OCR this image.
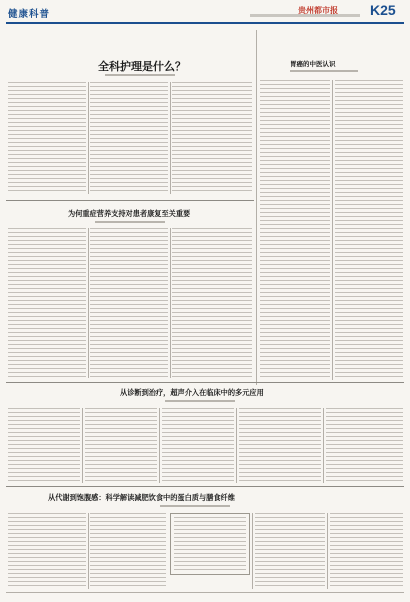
健康科普	贵州都市报 K25
全科护理是什么？	胃癌的中医认识
为何重症营养支持对患者康复至关重要
从诊断到治疗，超声介入在临床中的多元应用
从代谢到饱腹感：科学解读减肥饮食中的蛋白质与膳食纤维
